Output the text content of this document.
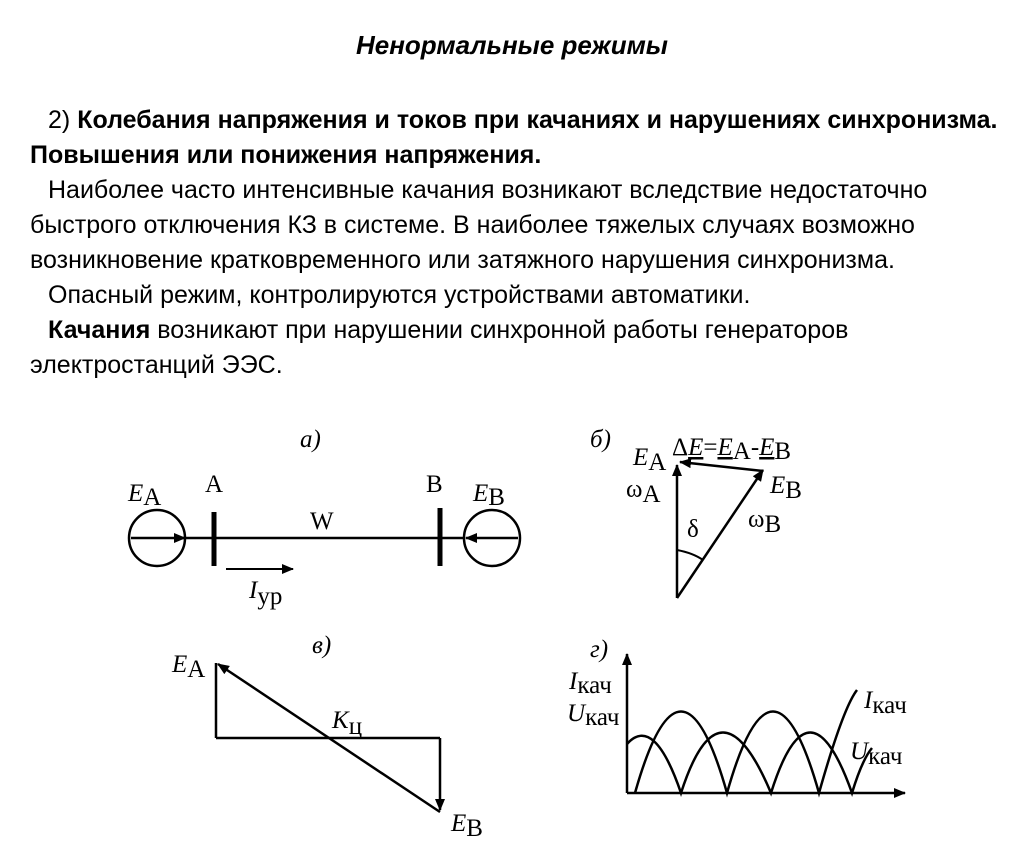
Ненормальные режимы

2) Колебания напряжения и токов при качаниях и нарушениях синхронизма. Повышения или понижения напряжения.

Наиболее часто интенсивные качания возникают вследствие недостаточно быстрого отключения КЗ в системе. В наиболее тяжелых случаях возможно возникновение кратковременного или затяжного нарушения синхронизма.

Опасный режим, контролируются устройствами автоматики.

Качания возникают при нарушении синхронной работы генераторов электростанций ЭЭС.

а)
EA A	B EB
W
Iур
б)
EA
ωA
ΔE=EA-EB
EB
ωB
δ
в)
EA
Kц
EB
г)
Iкач
Uкач
Iкач
Uкач
